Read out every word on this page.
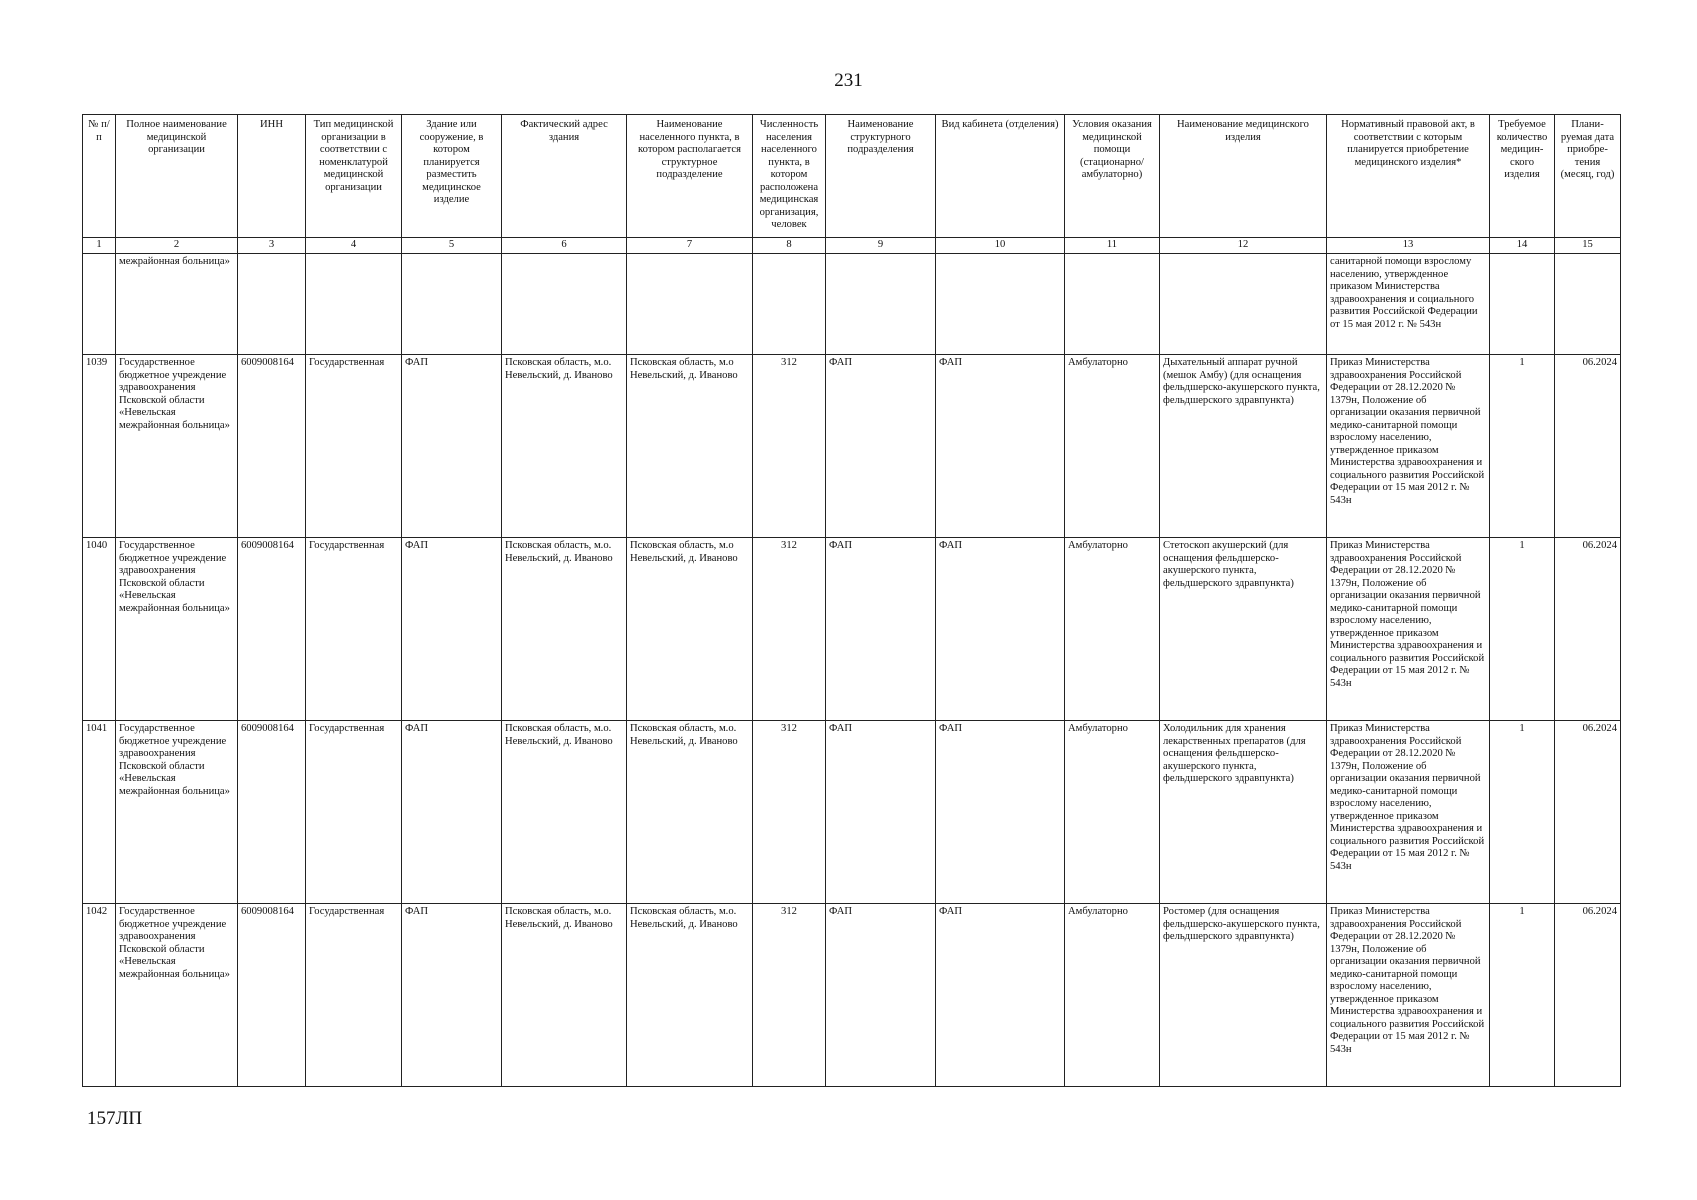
231
№ п/п	Полное наименование медицинской организации	ИНН	Тип медицинской организации в соответствии с номенклатурой медицинской организации	Здание или сооружение, в котором планируется разместить медицинское изделие	Фактический адрес здания	Наименование населенного пункта, в котором располагается структурное подразделение	Численность населения населенного пункта, в котором расположена медицинская организация, человек	Наименование структурного подразделения	Вид кабинета (отделения)	Условия оказания медицинской помощи (стационарно/ амбулаторно)	Наименование медицинского изделия	Нормативный правовой акт, в соответствии с которым планируется приобретение медицинского изделия*	Требуемое количество медицин-ского изделия	Плани-руемая дата приобре-тения (месяц, год)
1	2	3	4	5	6	7	8	9	10	11	12	13	14	15
	межрайонная больница»											санитарной помощи взрослому населению, утвержденное приказом Министерства здравоохранения и социального развития Российской Федерации от 15 мая 2012 г. № 543н		
1039	Государственное бюджетное учреждение здравоохранения Псковской области «Невельская межрайонная больница»	6009008164	Государственная	ФАП	Псковская область, м.о. Невельский, д. Иваново	Псковская область, м.о Невельский, д. Иваново	312	ФАП	ФАП	Амбулаторно	Дыхательный аппарат ручной (мешок Амбу) (для оснащения фельдшерско-акушерского пункта, фельдшерского здравпункта)	Приказ Министерства здравоохранения Российской Федерации от 28.12.2020 № 1379н, Положение об организации оказания первичной медико-санитарной помощи взрослому населению, утвержденное приказом Министерства здравоохранения и социального развития Российской Федерации от 15 мая 2012 г. № 543н	1	06.2024
1040	Государственное бюджетное учреждение здравоохранения Псковской области «Невельская межрайонная больница»	6009008164	Государственная	ФАП	Псковская область, м.о. Невельский, д. Иваново	Псковская область, м.о Невельский, д. Иваново	312	ФАП	ФАП	Амбулаторно	Стетоскоп акушерский (для оснащения фельдшерско-акушерского пункта, фельдшерского здравпункта)	Приказ Министерства здравоохранения Российской Федерации от 28.12.2020 № 1379н, Положение об организации оказания первичной медико-санитарной помощи взрослому населению, утвержденное приказом Министерства здравоохранения и социального развития Российской Федерации от 15 мая 2012 г. № 543н	1	06.2024
1041	Государственное бюджетное учреждение здравоохранения Псковской области «Невельская межрайонная больница»	6009008164	Государственная	ФАП	Псковская область, м.о. Невельский, д. Иваново	Псковская область, м.о. Невельский, д. Иваново	312	ФАП	ФАП	Амбулаторно	Холодильник для хранения лекарственных препаратов (для оснащения фельдшерско-акушерского пункта, фельдшерского здравпункта)	Приказ Министерства здравоохранения Российской Федерации от 28.12.2020 № 1379н, Положение об организации оказания первичной медико-санитарной помощи взрослому населению, утвержденное приказом Министерства здравоохранения и социального развития Российской Федерации от 15 мая 2012 г. № 543н	1	06.2024
1042	Государственное бюджетное учреждение здравоохранения Псковской области «Невельская межрайонная больница»	6009008164	Государственная	ФАП	Псковская область, м.о. Невельский, д. Иваново	Псковская область, м.о. Невельский, д. Иваново	312	ФАП	ФАП	Амбулаторно	Ростомер (для оснащения фельдшерско-акушерского пункта, фельдшерского здравпункта)	Приказ Министерства здравоохранения Российской Федерации от 28.12.2020 № 1379н, Положение об организации оказания первичной медико-санитарной помощи взрослому населению, утвержденное приказом Министерства здравоохранения и социального развития Российской Федерации от 15 мая 2012 г. № 543н	1	06.2024
157ЛП
